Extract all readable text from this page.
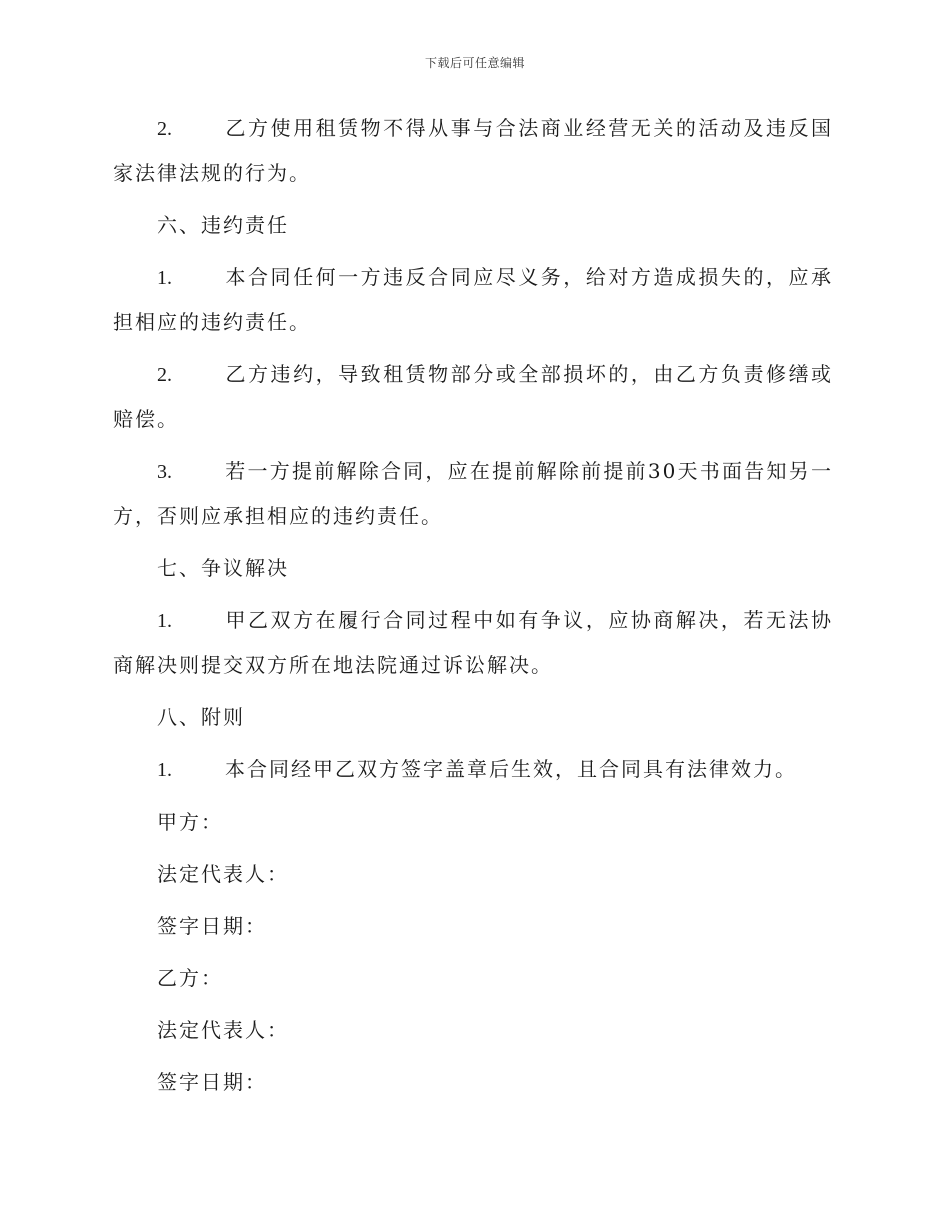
下载后可任意编辑

2.	乙方使用租赁物不得从事与合法商业经营无关的活动及违反国家法律法规的行为。

六、违约责任

1.	本合同任何一方违反合同应尽义务，给对方造成损失的，应承担相应的违约责任。

2.	乙方违约，导致租赁物部分或全部损坏的，由乙方负责修缮或赔偿。

3.	若一方提前解除合同，应在提前解除前提前30天书面告知另一方，否则应承担相应的违约责任。

七、争议解决

1.	甲乙双方在履行合同过程中如有争议，应协商解决，若无法协商解决则提交双方所在地法院通过诉讼解决。

八、附则

1.	本合同经甲乙双方签字盖章后生效，且合同具有法律效力。

甲方：

法定代表人：

签字日期：

乙方：

法定代表人：

签字日期：
